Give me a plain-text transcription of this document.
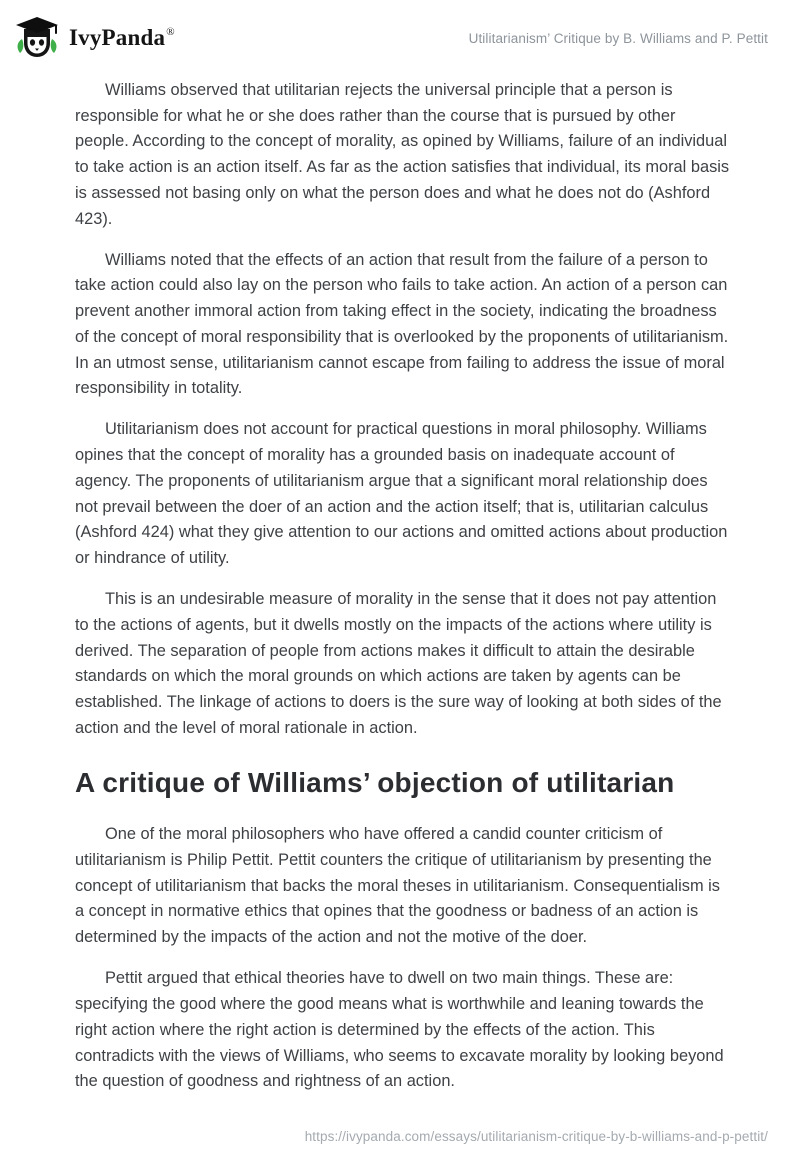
IvyPanda®	Utilitarianism’ Critique by B. Williams and P. Pettit

Williams observed that utilitarian rejects the universal principle that a person is responsible for what he or she does rather than the course that is pursued by other people. According to the concept of morality, as opined by Williams, failure of an individual to take action is an action itself. As far as the action satisfies that individual, its moral basis is assessed not basing only on what the person does and what he does not do (Ashford 423).

Williams noted that the effects of an action that result from the failure of a person to take action could also lay on the person who fails to take action. An action of a person can prevent another immoral action from taking effect in the society, indicating the broadness of the concept of moral responsibility that is overlooked by the proponents of utilitarianism. In an utmost sense, utilitarianism cannot escape from failing to address the issue of moral responsibility in totality.

Utilitarianism does not account for practical questions in moral philosophy. Williams opines that the concept of morality has a grounded basis on inadequate account of agency. The proponents of utilitarianism argue that a significant moral relationship does not prevail between the doer of an action and the action itself; that is, utilitarian calculus (Ashford 424) what they give attention to our actions and omitted actions about production or hindrance of utility.

This is an undesirable measure of morality in the sense that it does not pay attention to the actions of agents, but it dwells mostly on the impacts of the actions where utility is derived. The separation of people from actions makes it difficult to attain the desirable standards on which the moral grounds on which actions are taken by agents can be established. The linkage of actions to doers is the sure way of looking at both sides of the action and the level of moral rationale in action.

A critique of Williams’ objection of utilitarian

One of the moral philosophers who have offered a candid counter criticism of utilitarianism is Philip Pettit. Pettit counters the critique of utilitarianism by presenting the concept of utilitarianism that backs the moral theses in utilitarianism. Consequentialism is a concept in normative ethics that opines that the goodness or badness of an action is determined by the impacts of the action and not the motive of the doer.

Pettit argued that ethical theories have to dwell on two main things. These are: specifying the good where the good means what is worthwhile and leaning towards the right action where the right action is determined by the effects of the action. This contradicts with the views of Williams, who seems to excavate morality by looking beyond the question of goodness and rightness of an action.

https://ivypanda.com/essays/utilitarianism-critique-by-b-williams-and-p-pettit/
